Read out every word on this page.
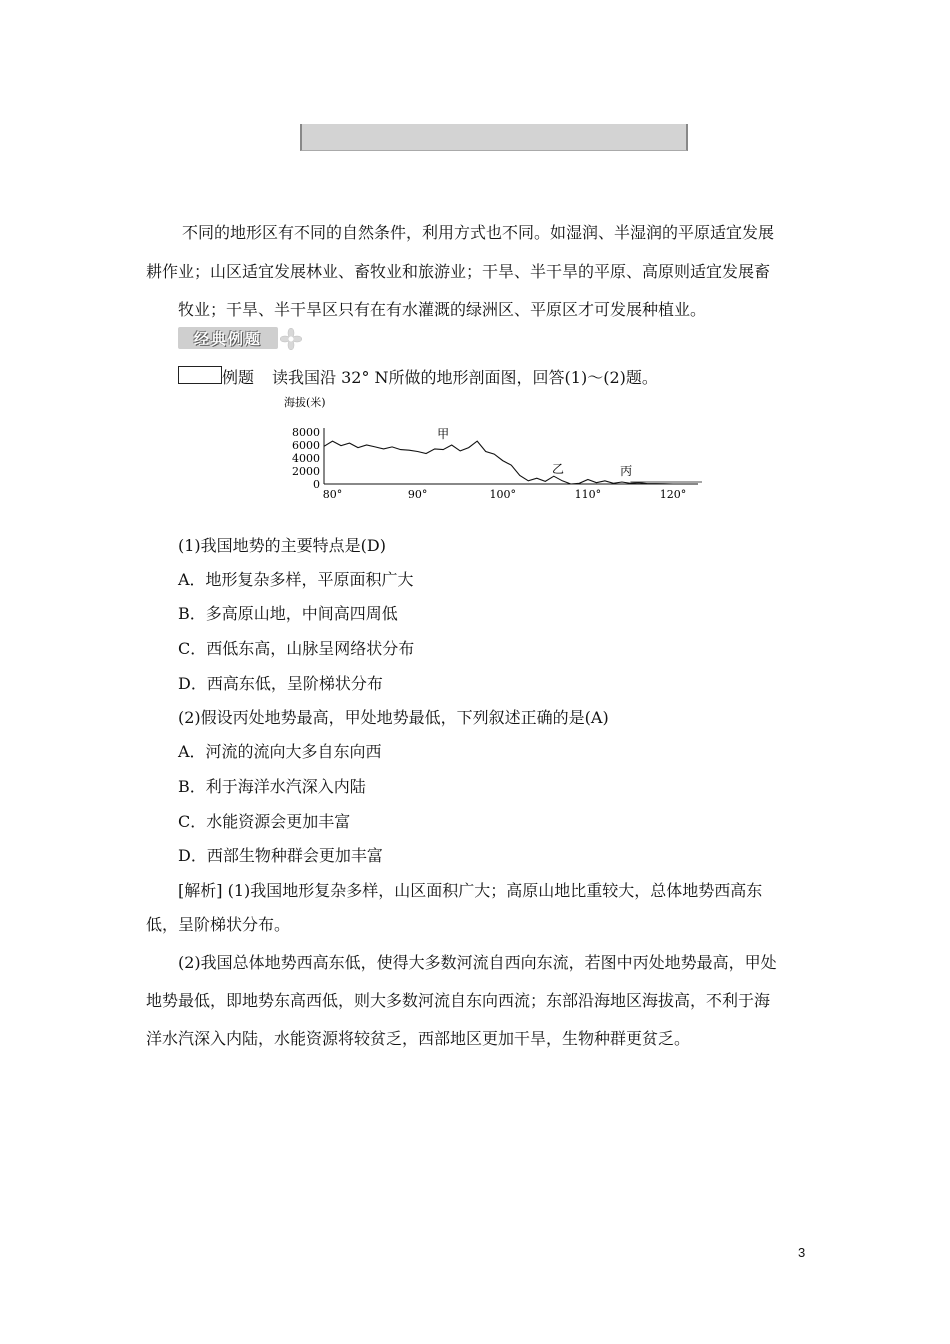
不同的地形区有不同的自然条件，利用方式也不同。如湿润、半湿润的平原适宜发展
耕作业；山区适宜发展林业、畜牧业和旅游业；干旱、半干旱的平原、高原则适宜发展畜
牧业；干旱、半干旱区只有在有水灌溉的绿洲区、平原区才可发展种植业。
经典例题
例题 读我国沿 32° N所做的地形剖面图，回答(1)～(2)题。
海拔(米)
8000
6000
4000
2000
0
80°	90°	100°	110°	120°
甲
乙	丙
(1)我国地势的主要特点是(D)
A．地形复杂多样，平原面积广大
B．多高原山地，中间高四周低
C．西低东高，山脉呈网络状分布
D．西高东低，呈阶梯状分布
(2)假设丙处地势最高，甲处地势最低，下列叙述正确的是(A)
A．河流的流向大多自东向西
B．利于海洋水汽深入内陆
C．水能资源会更加丰富
D．西部生物种群会更加丰富
[解析] (1)我国地形复杂多样，山区面积广大；高原山地比重较大，总体地势西高东
低，呈阶梯状分布。
(2)我国总体地势西高东低，使得大多数河流自西向东流，若图中丙处地势最高，甲处
地势最低，即地势东高西低，则大多数河流自东向西流；东部沿海地区海拔高，不利于海
洋水汽深入内陆，水能资源将较贫乏，西部地区更加干旱，生物种群更贫乏。
3
